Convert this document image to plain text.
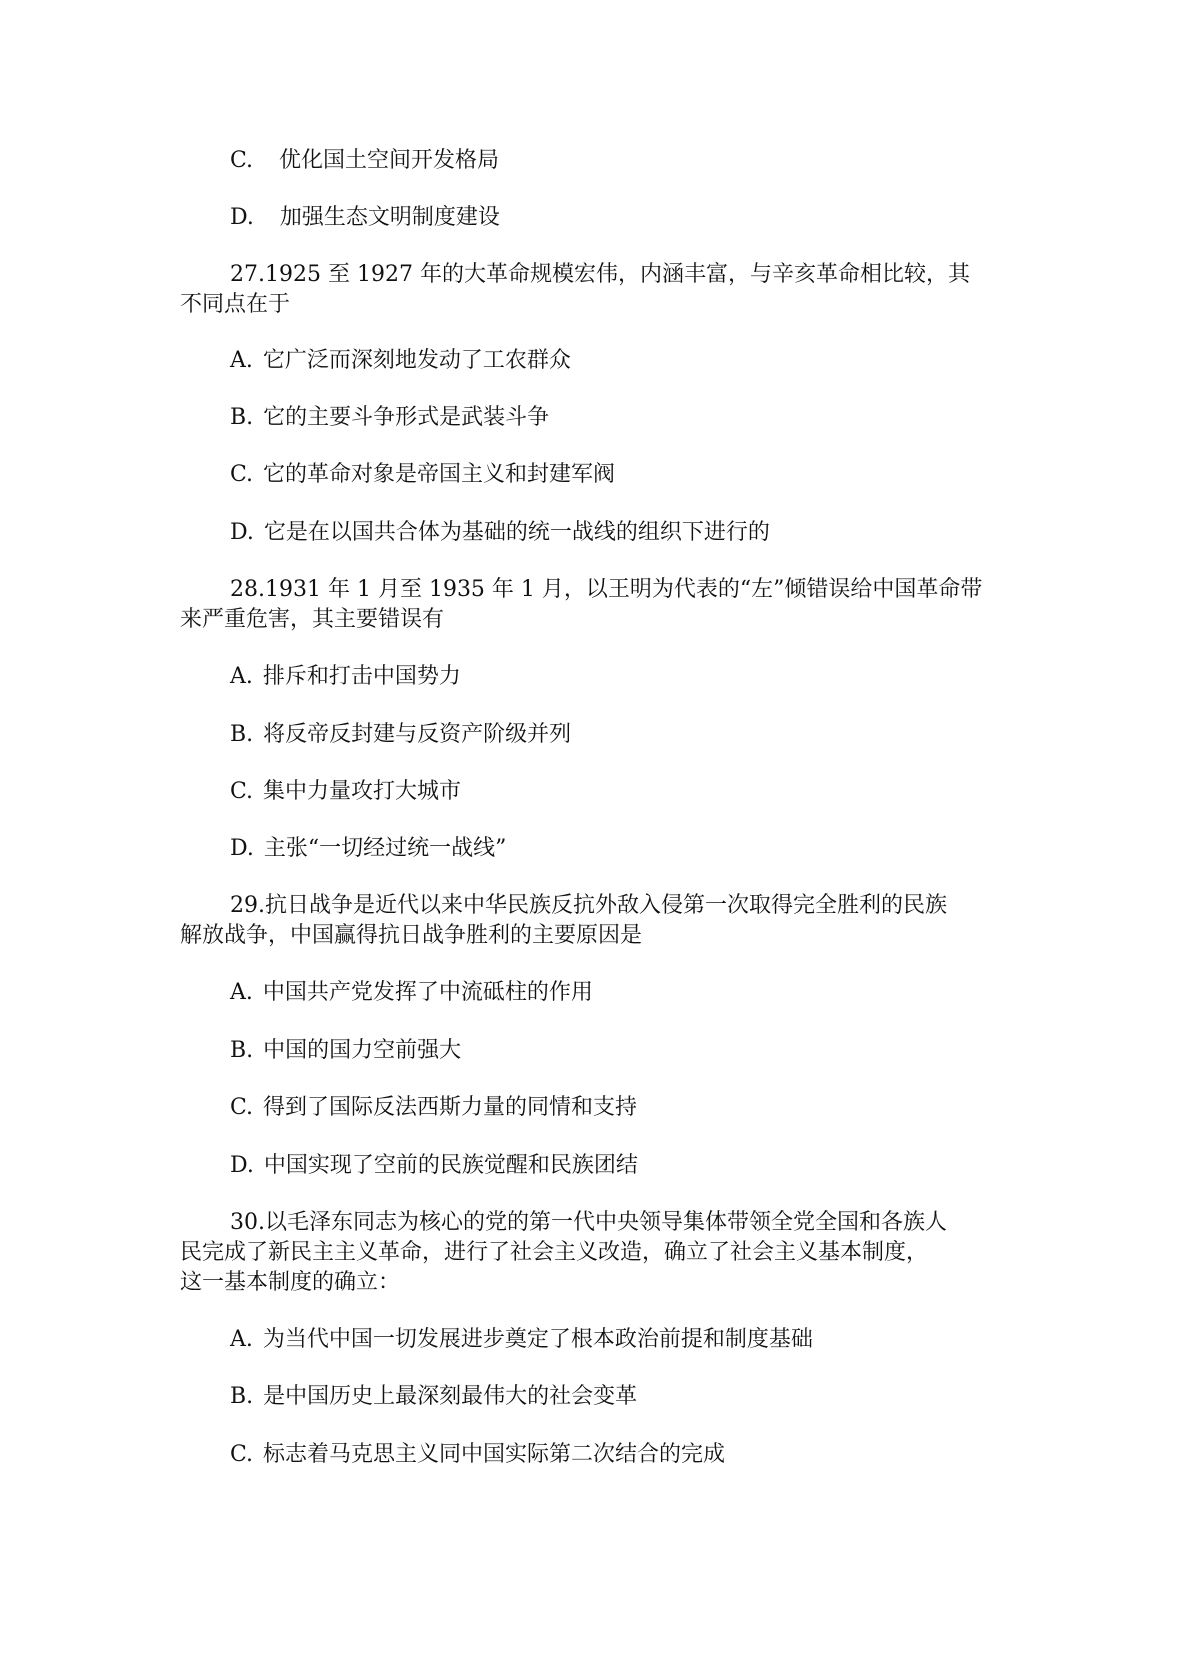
C. 优化国土空间开发格局
D. 加强生态文明制度建设
27.1925 至 1927 年的大革命规模宏伟，内涵丰富，与辛亥革命相比较，其
不同点在于
A. 它广泛而深刻地发动了工农群众
B. 它的主要斗争形式是武装斗争
C. 它的革命对象是帝国主义和封建军阀
D. 它是在以国共合体为基础的统一战线的组织下进行的
28.1931 年 1 月至 1935 年 1 月，以王明为代表的“左”倾错误给中国革命带
来严重危害，其主要错误有
A. 排斥和打击中国势力
B. 将反帝反封建与反资产阶级并列
C. 集中力量攻打大城市
D. 主张“一切经过统一战线”
29.抗日战争是近代以来中华民族反抗外敌入侵第一次取得完全胜利的民族
解放战争，中国赢得抗日战争胜利的主要原因是
A. 中国共产党发挥了中流砥柱的作用
B. 中国的国力空前强大
C. 得到了国际反法西斯力量的同情和支持
D. 中国实现了空前的民族觉醒和民族团结
30.以毛泽东同志为核心的党的第一代中央领导集体带领全党全国和各族人
民完成了新民主主义革命，进行了社会主义改造，确立了社会主义基本制度，
这一基本制度的确立：
A. 为当代中国一切发展进步奠定了根本政治前提和制度基础
B. 是中国历史上最深刻最伟大的社会变革
C. 标志着马克思主义同中国实际第二次结合的完成
